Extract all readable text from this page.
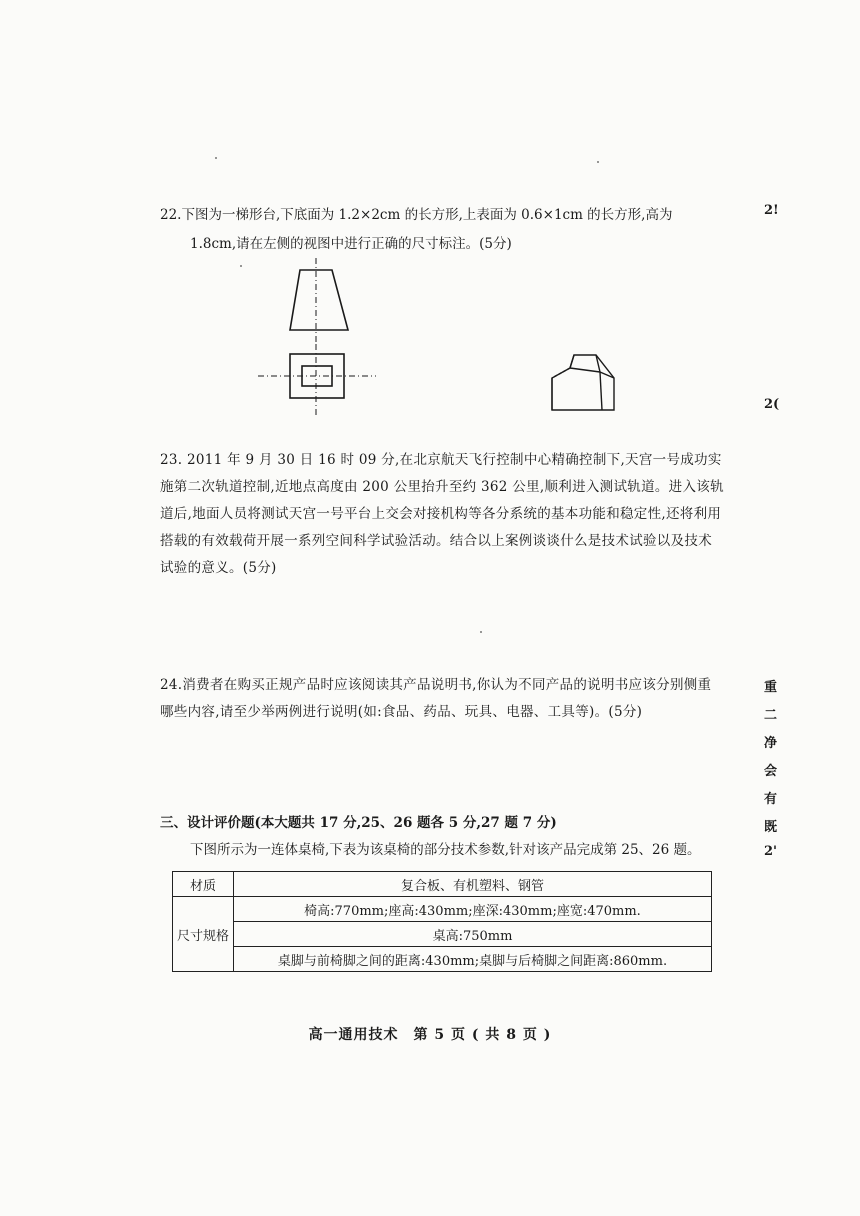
22.下图为一梯形台,下底面为 1.2×2cm 的长方形,上表面为 0.6×1cm 的长方形,高为
1.8cm,请在左侧的视图中进行正确的尺寸标注。(5分)
23. 2011 年 9 月 30 日 16 时 09 分,在北京航天飞行控制中心精确控制下,天宫一号成功实施第二次轨道控制,近地点高度由 200 公里抬升至约 362 公里,顺利进入测试轨道。进入该轨道后,地面人员将测试天宫一号平台上交会对接机构等各分系统的基本功能和稳定性,还将利用搭载的有效载荷开展一系列空间科学试验活动。结合以上案例谈谈什么是技术试验以及技术试验的意义。(5分)
24.消费者在购买正规产品时应该阅读其产品说明书,你认为不同产品的说明书应该分别侧重哪些内容,请至少举两例进行说明(如:食品、药品、玩具、电器、工具等)。(5分)
三、设计评价题(本大题共 17 分,25、26 题各 5 分,27 题 7 分)
下图所示为一连体桌椅,下表为该桌椅的部分技术参数,针对该产品完成第 25、26 题。
材质	复合板、有机塑料、钢管
尺寸规格	椅高:770mm;座高:430mm;座深:430mm;座宽:470mm.
	桌高:750mm
	桌脚与前椅脚之间的距离:430mm;桌脚与后椅脚之间距离:860mm.
高一通用技术　第 5 页 ( 共 8 页 )
2!
2(
重
二
净
会
有
既
2'
